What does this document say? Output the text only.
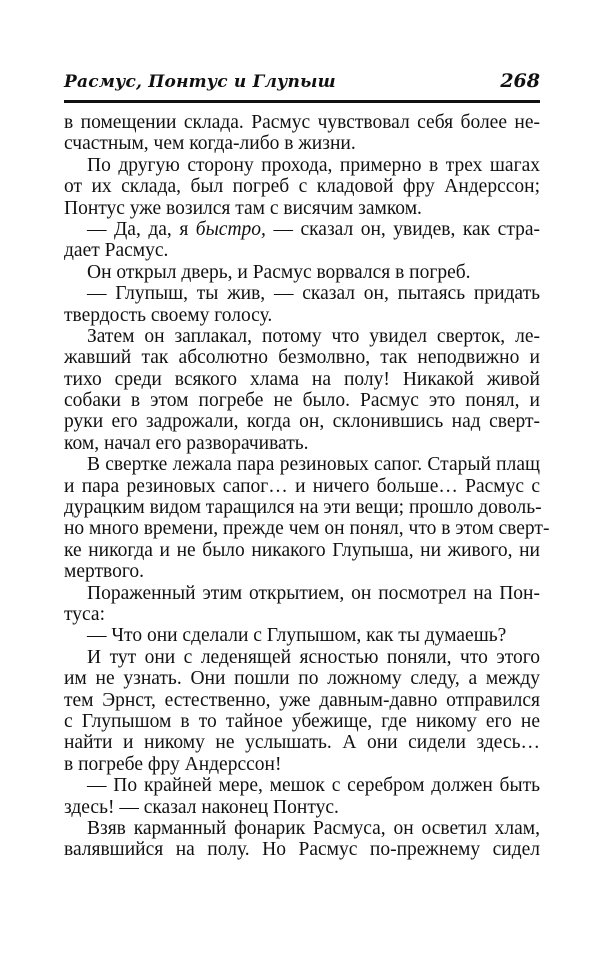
Расмус, Понтус и Глупыш	268
в помещении склада. Расмус чувствовал себя более не-
счастным, чем когда-либо в жизни.
По другую сторону прохода, примерно в трех шагах
от их склада, был погреб с кладовой фру Андерссон;
Понтус уже возился там с висячим замком.
— Да, да, я быстро, — сказал он, увидев, как стра-
дает Расмус.
Он открыл дверь, и Расмус ворвался в погреб.
— Глупыш, ты жив, — сказал он, пытаясь придать
твердость своему голосу.
Затем он заплакал, потому что увидел сверток, ле-
жавший так абсолютно безмолвно, так неподвижно и
тихо среди всякого хлама на полу! Никакой живой
собаки в этом погребе не было. Расмус это понял, и
руки его задрожали, когда он, склонившись над сверт-
ком, начал его разворачивать.
В свертке лежала пара резиновых сапог. Старый плащ
и пара резиновых сапог… и ничего больше… Расмус с
дурацким видом таращился на эти вещи; прошло доволь-
но много времени, прежде чем он понял, что в этом сверт-
ке никогда и не было никакого Глупыша, ни живого, ни
мертвого.
Пораженный этим открытием, он посмотрел на Пон-
туса:
— Что они сделали с Глупышом, как ты думаешь?
И тут они с леденящей ясностью поняли, что этого
им не узнать. Они пошли по ложному следу, а между
тем Эрнст, естественно, уже давным-давно отправился
с Глупышом в то тайное убежище, где никому его не
найти и никому не услышать. А они сидели здесь…
в погребе фру Андерссон!
— По крайней мере, мешок с серебром должен быть
здесь! — сказал наконец Понтус.
Взяв карманный фонарик Расмуса, он осветил хлам,
валявшийся на полу. Но Расмус по-прежнему сидел
